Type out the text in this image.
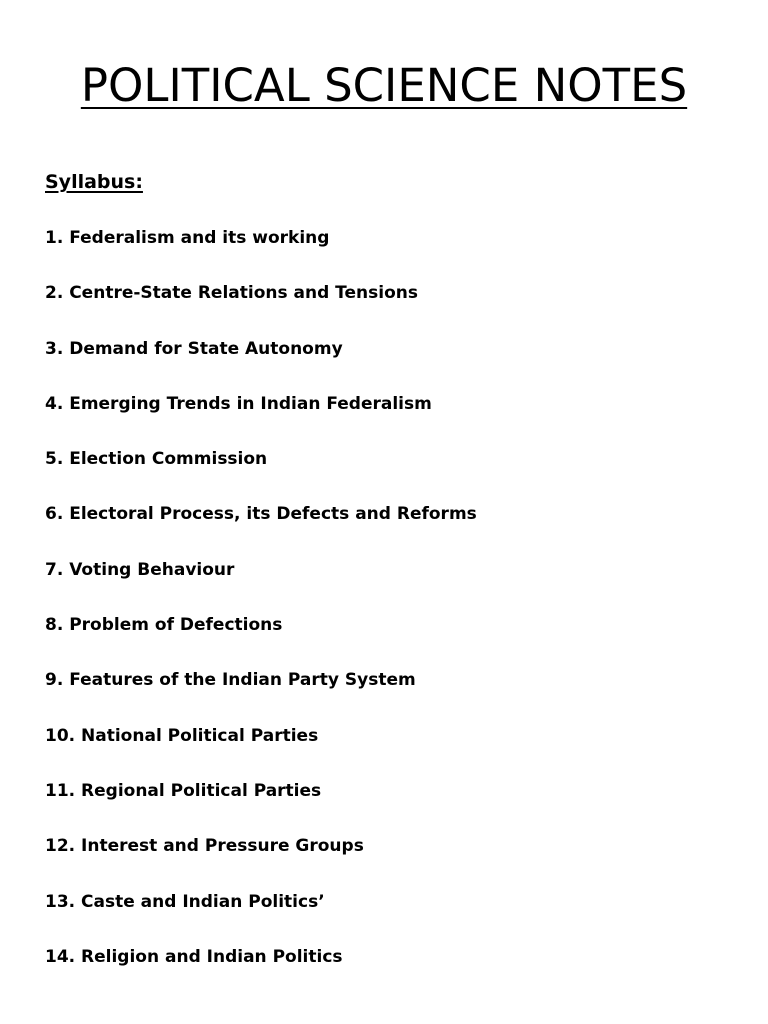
POLITICAL SCIENCE NOTES
Syllabus:
1. Federalism and its working
2. Centre-State Relations and Tensions
3. Demand for State Autonomy
4. Emerging Trends in Indian Federalism
5. Election Commission
6. Electoral Process, its Defects and Reforms
7. Voting Behaviour
8. Problem of Defections
9. Features of the Indian Party System
10. National Political Parties
11. Regional Political Parties
12. Interest and Pressure Groups
13. Caste and Indian Politics’
14. Religion and Indian Politics
